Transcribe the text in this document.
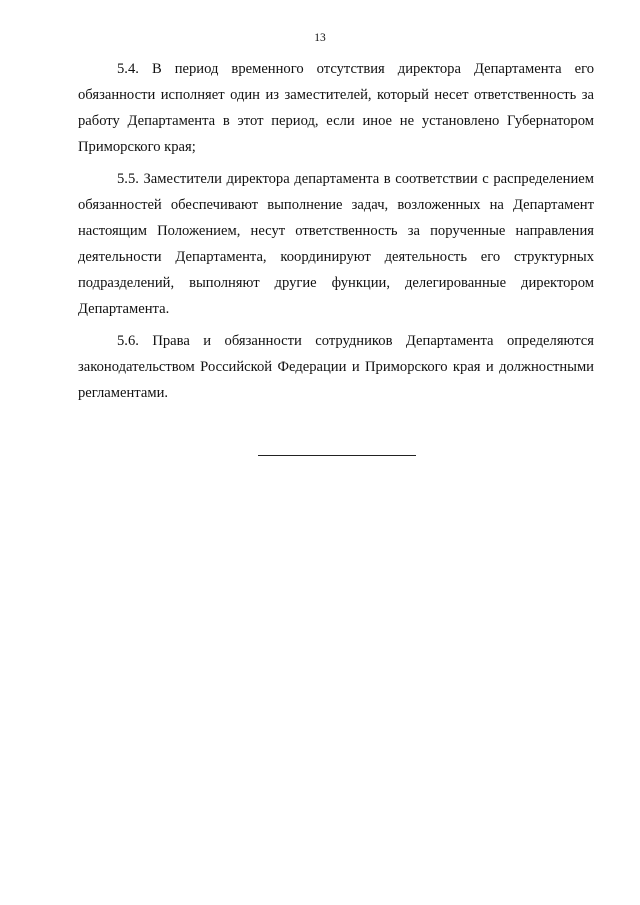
13

5.4. В период временного отсутствия директора Департамента его обязанности исполняет один из заместителей, который несет ответственность за работу Департамента в этот период, если иное не установлено Губернатором Приморского края;

5.5. Заместители директора департамента в соответствии с распределением обязанностей обеспечивают выполнение задач, возложенных на Департамент настоящим Положением, несут ответственность за порученные направления деятельности Департамента, координируют деятельность его структурных подразделений, выполняют другие функции, делегированные директором Департамента.

5.6. Права и обязанности сотрудников Департамента определяются законодательством Российской Федерации и Приморского края и должностными регламентами.
